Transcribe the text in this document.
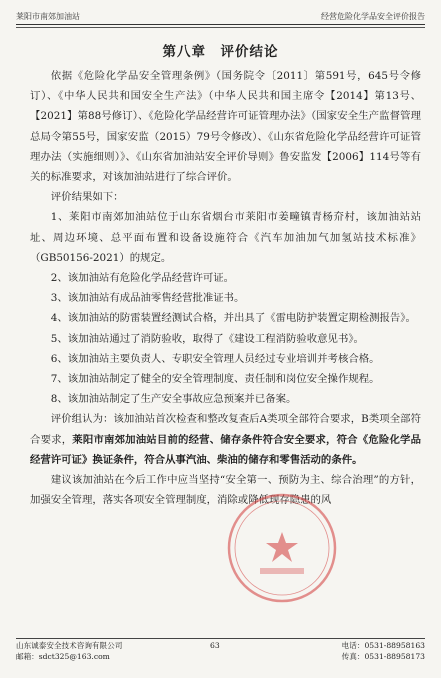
莱阳市南郊加油站	经营危险化学品安全评价报告
第八章　评价结论

依据《危险化学品安全管理条例》（国务院令〔2011〕第591号，645号令修订）、《中华人民共和国安全生产法》（中华人民共和国主席令【2014】第13号、【2021】第88号修订）、《危险化学品经营许可证管理办法》（国家安全生产监督管理总局令第55号，国家安监（2015）79号令修改）、《山东省危险化学品经营许可证管理办法（实施细则）》、《山东省加油站安全评价导则》鲁安监发【2006】114号等有关的标准要求，对该加油站进行了综合评价。

评价结果如下：

1、莱阳市南郊加油站位于山东省烟台市莱阳市姜疃镇青杨夼村，该加油站站址、周边环境、总平面布置和设备设施符合《汽车加油加气加氢站技术标准》（GB50156-2021）的规定。

2、该加油站有危险化学品经营许可证。

3、该加油站有成品油零售经营批准证书。

4、该加油站的防雷装置经测试合格，并出具了《雷电防护装置定期检测报告》。

5、该加油站通过了消防验收，取得了《建设工程消防验收意见书》。

6、该加油站主要负责人、专职安全管理人员经过专业培训并考核合格。

7、该加油站制定了健全的安全管理制度、责任制和岗位安全操作规程。

8、该加油站制定了生产安全事故应急预案并已备案。

评价组认为：该加油站首次检查和整改复查后A类项全部符合要求，B类项全部符合要求，莱阳市南郊加油站目前的经营、储存条件符合安全要求，符合《危险化学品经营许可证》换证条件，符合从事汽油、柴油的储存和零售活动的条件。

建议该加油站在今后工作中应当坚持“安全第一、预防为主、综合治理”的方针，加强安全管理，落实各项安全管理制度，消除或降低现存隐患的风

山东诚泰安全技术咨询有限公司
邮箱：sdct325@163.com
63	电话：0531-88958163
传真：0531-88958173
